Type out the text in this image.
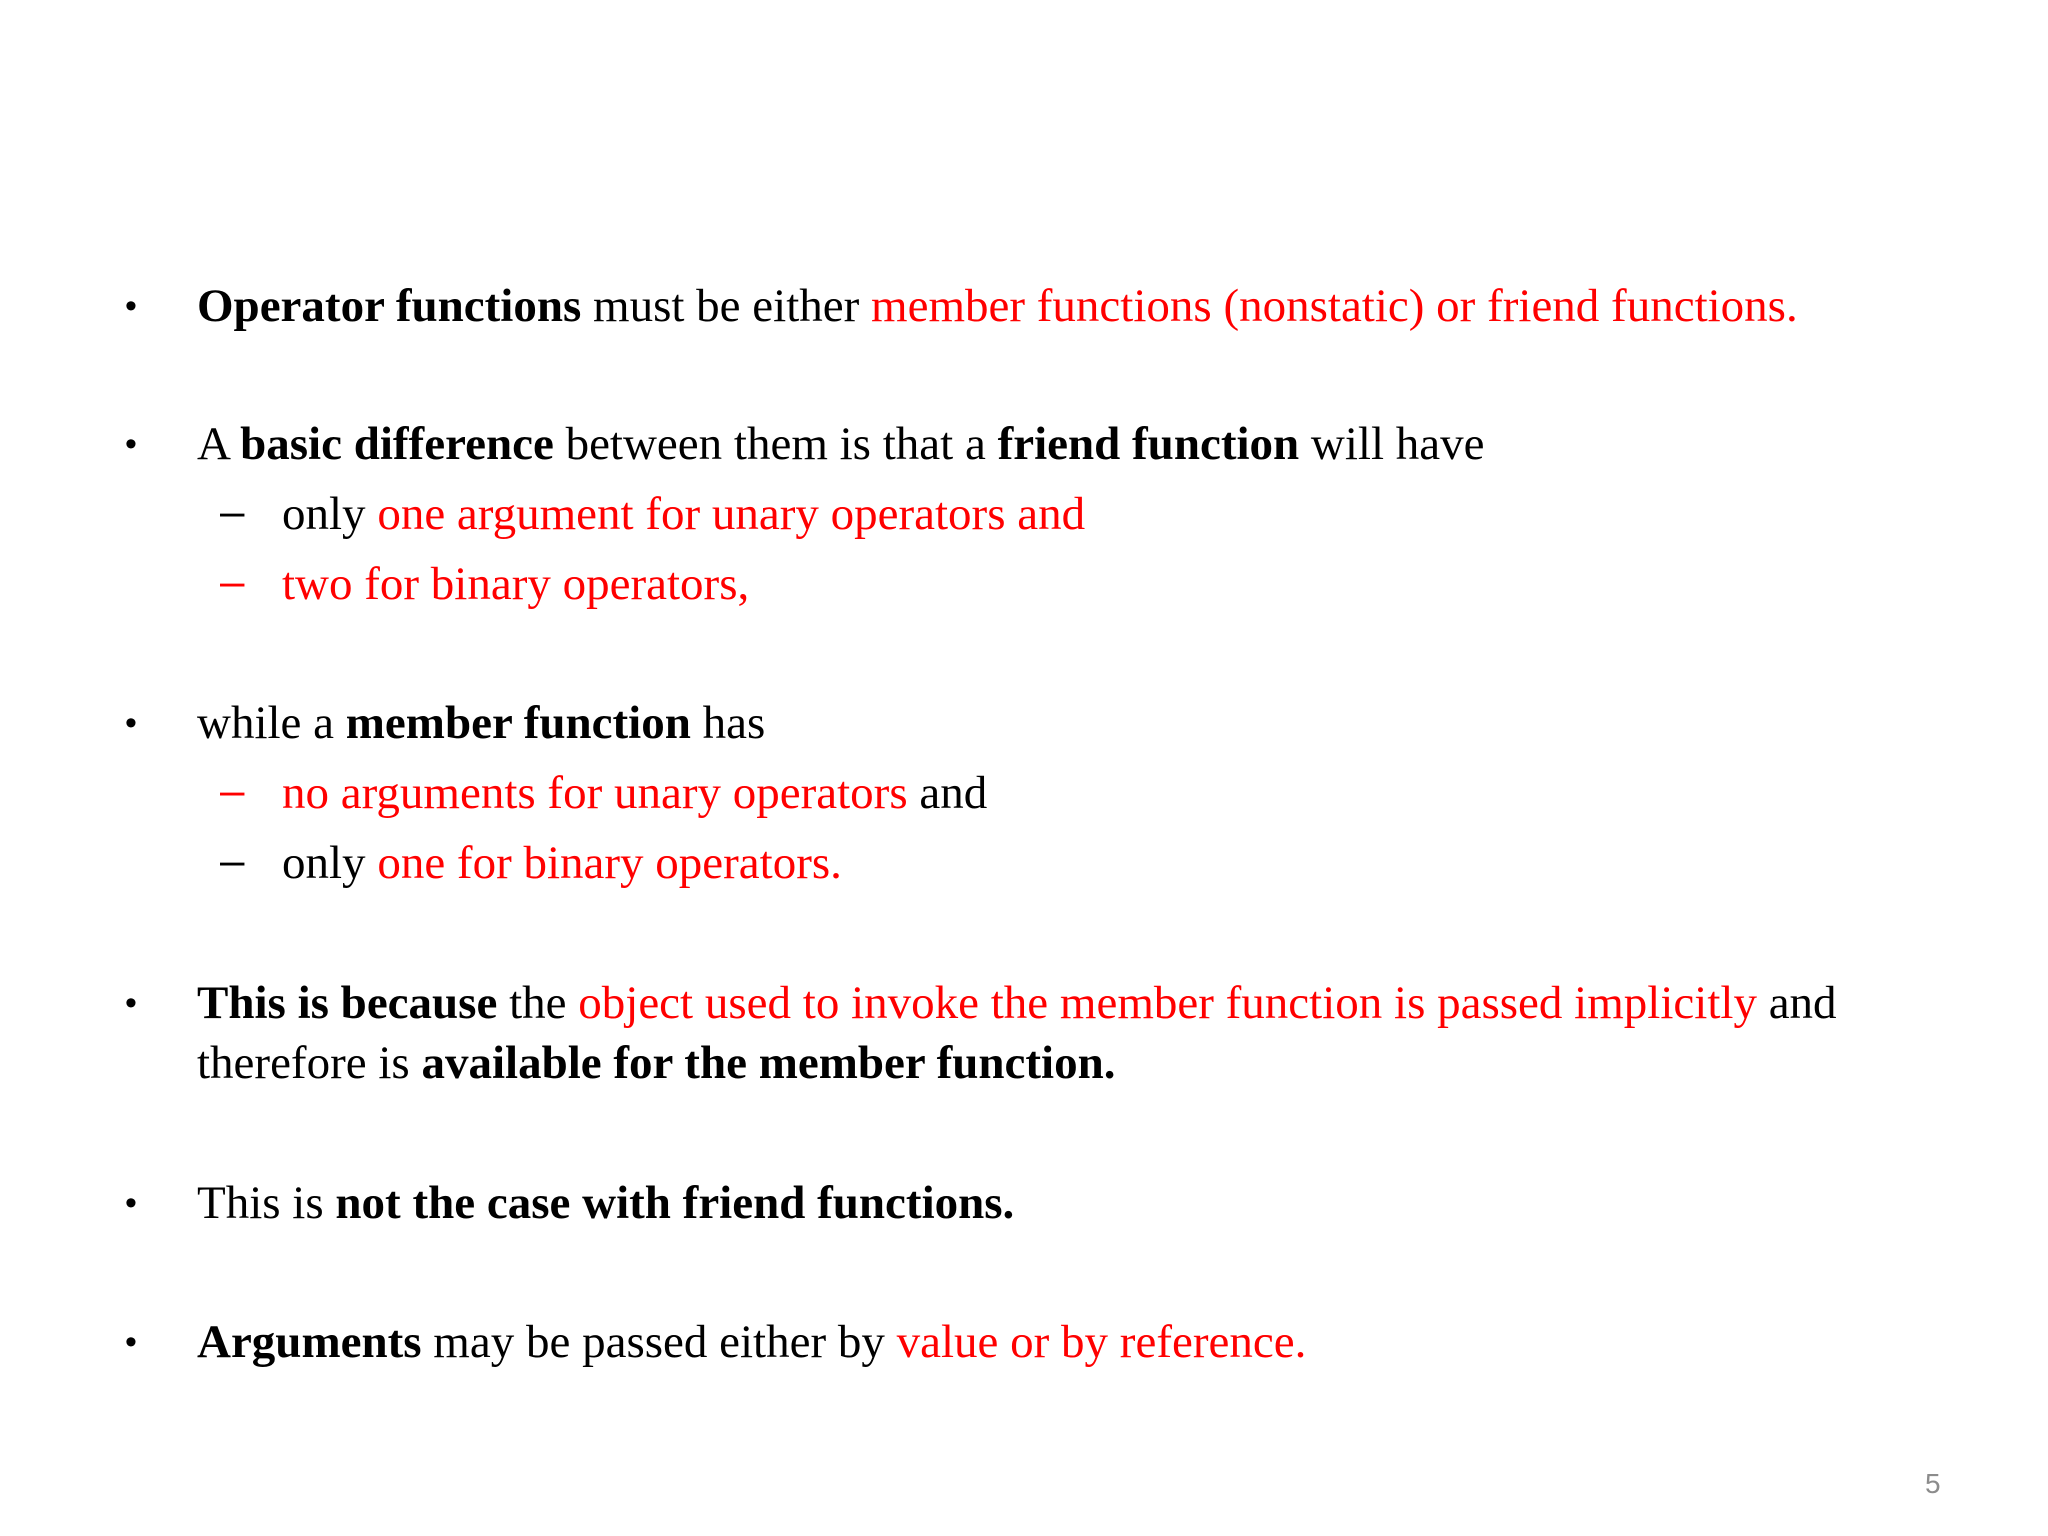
• Operator functions must be either member functions (nonstatic) or friend functions.
• A basic difference between them is that a friend function will have
– only one argument for unary operators and
– two for binary operators,
• while a member function has
– no arguments for unary operators and
– only one for binary operators.
• This is because the object used to invoke the member function is passed implicitly and therefore is available for the member function.
• This is not the case with friend functions.
• Arguments may be passed either by value or by reference.
5
